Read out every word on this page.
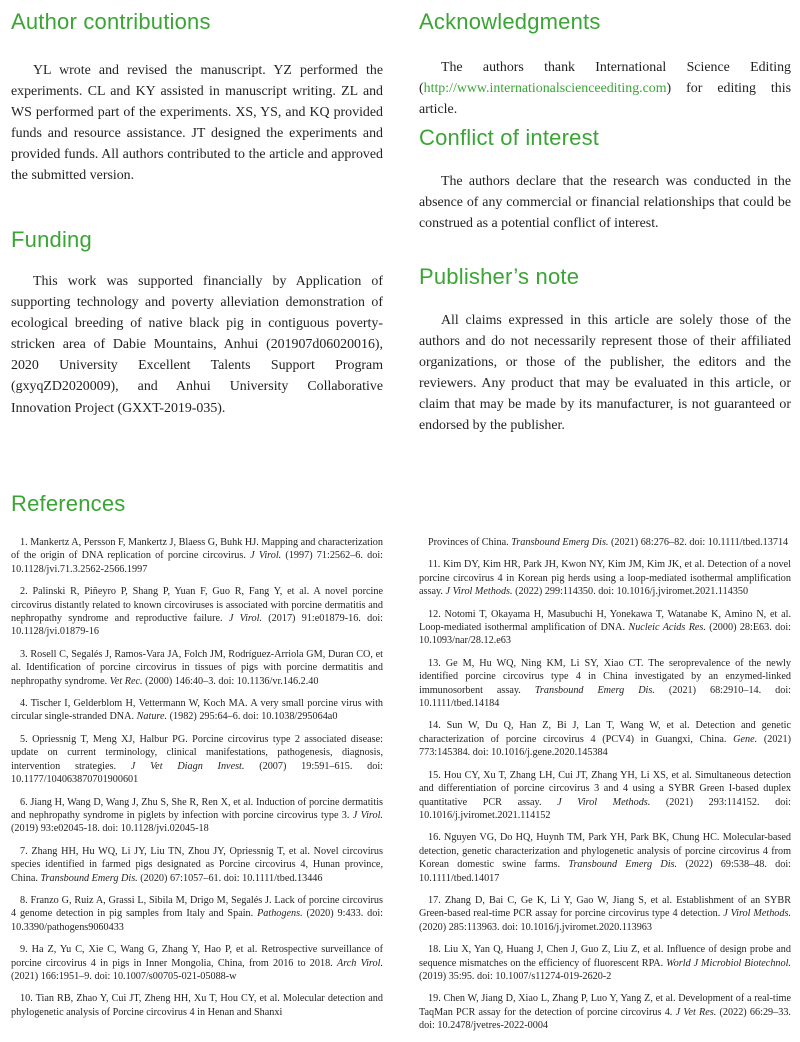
Author contributions

YL wrote and revised the manuscript. YZ performed the experiments. CL and KY assisted in manuscript writing. ZL and WS performed part of the experiments. XS, YS, and KQ provided funds and resource assistance. JT designed the experiments and provided funds. All authors contributed to the article and approved the submitted version.

Funding

This work was supported financially by Application of supporting technology and poverty alleviation demonstration of ecological breeding of native black pig in contiguous poverty-stricken area of Dabie Mountains, Anhui (201907d06020016), 2020 University Excellent Talents Support Program (gxyqZD2020009), and Anhui University Collaborative Innovation Project (GXXT-2019-035).

Acknowledgments

The authors thank International Science Editing (http://www.internationalscienceediting.com) for editing this article.

Conflict of interest

The authors declare that the research was conducted in the absence of any commercial or financial relationships that could be construed as a potential conflict of interest.

Publisher’s note

All claims expressed in this article are solely those of the authors and do not necessarily represent those of their affiliated organizations, or those of the publisher, the editors and the reviewers. Any product that may be evaluated in this article, or claim that may be made by its manufacturer, is not guaranteed or endorsed by the publisher.

References
1. Mankertz A, Persson F, Mankertz J, Blaess G, Buhk HJ. Mapping and characterization of the origin of DNA replication of porcine circovirus. J Virol. (1997) 71:2562–6. doi: 10.1128/jvi.71.3.2562-2566.1997
2. Palinski R, Piñeyro P, Shang P, Yuan F, Guo R, Fang Y, et al. A novel porcine circovirus distantly related to known circoviruses is associated with porcine dermatitis and nephropathy syndrome and reproductive failure. J Virol. (2017) 91:e01879-16. doi: 10.1128/jvi.01879-16
3. Rosell C, Segalés J, Ramos-Vara JA, Folch JM, Rodríguez-Arriola GM, Duran CO, et al. Identification of porcine circovirus in tissues of pigs with porcine dermatitis and nephropathy syndrome. Vet Rec. (2000) 146:40–3. doi: 10.1136/vr.146.2.40
4. Tischer I, Gelderblom H, Vettermann W, Koch MA. A very small porcine virus with circular single-stranded DNA. Nature. (1982) 295:64–6. doi: 10.1038/295064a0
5. Opriessnig T, Meng XJ, Halbur PG. Porcine circovirus type 2 associated disease: update on current terminology, clinical manifestations, pathogenesis, diagnosis, intervention strategies. J Vet Diagn Invest. (2007) 19:591–615. doi: 10.1177/104063870701900601
6. Jiang H, Wang D, Wang J, Zhu S, She R, Ren X, et al. Induction of porcine dermatitis and nephropathy syndrome in piglets by infection with porcine circovirus type 3. J Virol. (2019) 93:e02045-18. doi: 10.1128/jvi.02045-18
7. Zhang HH, Hu WQ, Li JY, Liu TN, Zhou JY, Opriessnig T, et al. Novel circovirus species identified in farmed pigs designated as Porcine circovirus 4, Hunan province, China. Transbound Emerg Dis. (2020) 67:1057–61. doi: 10.1111/tbed.13446
8. Franzo G, Ruiz A, Grassi L, Sibila M, Drigo M, Segalés J. Lack of porcine circovirus 4 genome detection in pig samples from Italy and Spain. Pathogens. (2020) 9:433. doi: 10.3390/pathogens9060433
9. Ha Z, Yu C, Xie C, Wang G, Zhang Y, Hao P, et al. Retrospective surveillance of porcine circovirus 4 in pigs in Inner Mongolia, China, from 2016 to 2018. Arch Virol. (2021) 166:1951–9. doi: 10.1007/s00705-021-05088-w
10. Tian RB, Zhao Y, Cui JT, Zheng HH, Xu T, Hou CY, et al. Molecular detection and phylogenetic analysis of Porcine circovirus 4 in Henan and Shanxi
Provinces of China. Transbound Emerg Dis. (2021) 68:276–82. doi: 10.1111/tbed.13714
11. Kim DY, Kim HR, Park JH, Kwon NY, Kim JM, Kim JK, et al. Detection of a novel porcine circovirus 4 in Korean pig herds using a loop-mediated isothermal amplification assay. J Virol Methods. (2022) 299:114350. doi: 10.1016/j.jviromet.2021.114350
12. Notomi T, Okayama H, Masubuchi H, Yonekawa T, Watanabe K, Amino N, et al. Loop-mediated isothermal amplification of DNA. Nucleic Acids Res. (2000) 28:E63. doi: 10.1093/nar/28.12.e63
13. Ge M, Hu WQ, Ning KM, Li SY, Xiao CT. The seroprevalence of the newly identified porcine circovirus type 4 in China investigated by an enzymed-linked immunosorbent assay. Transbound Emerg Dis. (2021) 68:2910–14. doi: 10.1111/tbed.14184
14. Sun W, Du Q, Han Z, Bi J, Lan T, Wang W, et al. Detection and genetic characterization of porcine circovirus 4 (PCV4) in Guangxi, China. Gene. (2021) 773:145384. doi: 10.1016/j.gene.2020.145384
15. Hou CY, Xu T, Zhang LH, Cui JT, Zhang YH, Li XS, et al. Simultaneous detection and differentiation of porcine circovirus 3 and 4 using a SYBR Green I-based duplex quantitative PCR assay. J Virol Methods. (2021) 293:114152. doi: 10.1016/j.jviromet.2021.114152
16. Nguyen VG, Do HQ, Huynh TM, Park YH, Park BK, Chung HC. Molecular-based detection, genetic characterization and phylogenetic analysis of porcine circovirus 4 from Korean domestic swine farms. Transbound Emerg Dis. (2022) 69:538–48. doi: 10.1111/tbed.14017
17. Zhang D, Bai C, Ge K, Li Y, Gao W, Jiang S, et al. Establishment of an SYBR Green-based real-time PCR assay for porcine circovirus type 4 detection. J Virol Methods. (2020) 285:113963. doi: 10.1016/j.jviromet.2020.113963
18. Liu X, Yan Q, Huang J, Chen J, Guo Z, Liu Z, et al. Influence of design probe and sequence mismatches on the efficiency of fluorescent RPA. World J Microbiol Biotechnol. (2019) 35:95. doi: 10.1007/s11274-019-2620-2
19. Chen W, Jiang D, Xiao L, Zhang P, Luo Y, Yang Z, et al. Development of a real-time TaqMan PCR assay for the detection of porcine circovirus 4. J Vet Res. (2022) 66:29–33. doi: 10.2478/jvetres-2022-0004
